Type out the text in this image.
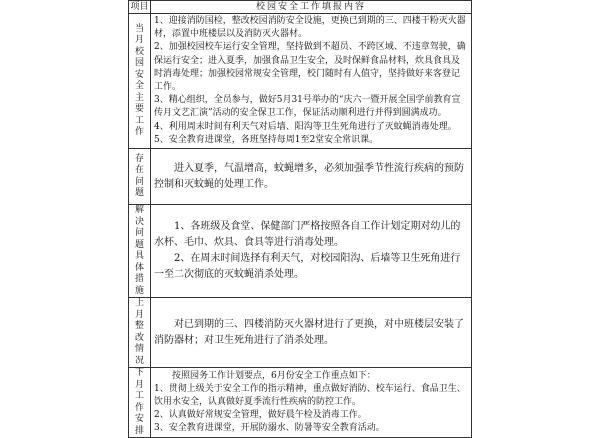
项目	校园安全工作填报内容

当月校园安全主要工作	1、迎接消防国检，整改校园消防安全设施，更换已到期的三、四楼干粉灭火器材，添置中班楼层以及消防灭火器材。
2、加强校园校车运行安全管理，坚持做到不超员、不跨区域、不违章驾驶，确保运行安全；进入夏季，加强食品卫生安全，及时保鲜食品材料，炊具食具及时消毒处理；加强校园常规安全管理，校门随时有人值守，坚持做好来客登记工作。
3、精心组织，全员参与，做好5月31号举办的“庆六一暨开展全国学前教育宣传月文艺汇演”活动的安全保卫工作，保证活动顺利进行并得到圆满成功。
4、利用周末时间有利天气对后墙、阳沟等卫生死角进行了灭蚊蝇消毒处理。
5、安全教育进课堂，各班坚持每周1至2堂安全常识课。

存在问题	进入夏季，气温增高，蚊蝇增多，必须加强季节性流行疾病的预防控制和灭蚊蝇的处理工作。

解决问题具体措施	1、各班级及食堂、保健部门严格按照各自工作计划定期对幼儿的水杯、毛巾、炊具、食具等进行消毒处理。
2、在周末时间选择有利天气，对校园阳沟、后墙等卫生死角进行一至二次彻底的灭蚊蝇消杀处理。

上月整改情况	对已到期的三、四楼消防灭火器材进行了更换，对中班楼层安装了消防器材；对卫生死角进行了消杀处理。

下月工作安排	按照园务工作计划要点，6月份安全工作重点如下：
1、贯彻上级关于安全工作的指示精神，重点做好消防、校车运行、食品卫生、饮用水安全，认真做好夏季流行性疾病的防控工作。
2、认真做好常规安全管理，做好晨午检及消毒工作。
3、安全教育进课堂，开展防溺水、防暑等安全教育活动。
